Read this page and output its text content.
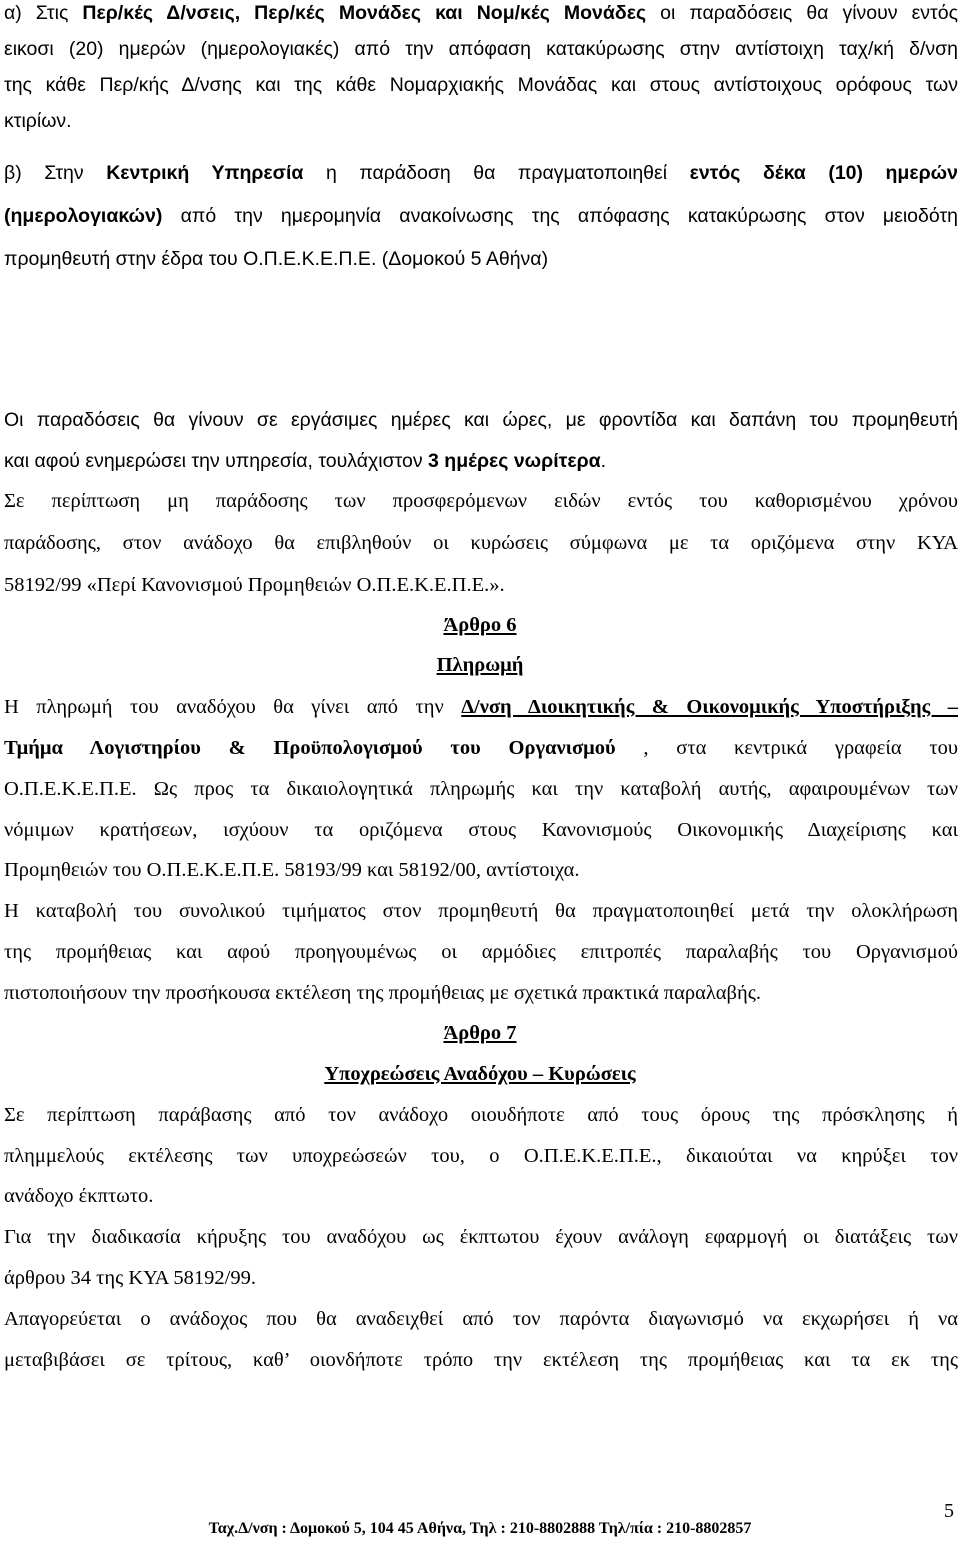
α) Στις Περ/κές Δ/νσεις, Περ/κές Μονάδες και Νομ/κές Μονάδες οι παραδόσεις θα γίνουν εντός
εικοσι (20) ημερών (ημερολογιακές) από την απόφαση κατακύρωσης στην αντίστοιχη ταχ/κή δ/νση
της κάθε Περ/κής Δ/νσης και της κάθε Νομαρχιακής Μονάδας και στους αντίστοιχους ορόφους των
κτιρίων.
β) Στην Κεντρική Υπηρεσία η παράδοση θα πραγματοποιηθεί εντός δέκα (10) ημερών
(ημερολογιακών) από την ημερομηνία ανακοίνωσης της απόφασης κατακύρωσης στον μειοδότη
προμηθευτή στην έδρα του Ο.Π.Ε.Κ.Ε.Π.Ε. (Δομοκού 5 Αθήνα)
Οι παραδόσεις θα γίνουν σε εργάσιμες ημέρες και ώρες, με φροντίδα και δαπάνη του προμηθευτή
και αφού ενημερώσει την υπηρεσία, τουλάχιστον 3 ημέρες νωρίτερα.
Σε περίπτωση μη παράδοσης των προσφερόμενων ειδών εντός του καθορισμένου χρόνου
παράδοσης, στον ανάδοχο θα επιβληθούν οι κυρώσεις σύμφωνα με τα οριζόμενα στην ΚΥΑ
58192/99 «Περί Κανονισμού Προμηθειών Ο.Π.Ε.Κ.Ε.Π.Ε.».
Άρθρο 6
Πληρωμή
Η πληρωμή του αναδόχου θα γίνει από την Δ/νση Διοικητικής & Οικονομικής Υποστήριξης –
Τμήμα Λογιστηρίου & Προϋπολογισμού του Οργανισμού , στα κεντρικά γραφεία του
Ο.Π.Ε.Κ.Ε.Π.Ε. Ως προς τα δικαιολογητικά πληρωμής και την καταβολή αυτής, αφαιρουμένων των
νόμιμων κρατήσεων, ισχύουν τα οριζόμενα στους Κανονισμούς Οικονομικής Διαχείρισης και
Προμηθειών του Ο.Π.Ε.Κ.Ε.Π.Ε. 58193/99 και 58192/00, αντίστοιχα.
Η καταβολή του συνολικού τιμήματος στον προμηθευτή θα πραγματοποιηθεί μετά την ολοκλήρωση
της προμήθειας και αφού προηγουμένως οι αρμόδιες επιτροπές παραλαβής του Οργανισμού
πιστοποιήσουν την προσήκουσα εκτέλεση της προμήθειας με σχετικά πρακτικά παραλαβής.
Άρθρο 7
Υποχρεώσεις Αναδόχου – Κυρώσεις
Σε περίπτωση παράβασης από τον ανάδοχο οιουδήποτε από τους όρους της πρόσκλησης ή
πλημμελούς εκτέλεσης των υποχρεώσεών του, ο Ο.Π.Ε.Κ.Ε.Π.Ε., δικαιούται να κηρύξει τον
ανάδοχο έκπτωτο.
Για την διαδικασία κήρυξης του αναδόχου ως έκπτωτου έχουν ανάλογη εφαρμογή οι διατάξεις των
άρθρου 34 της ΚΥΑ 58192/99.
Απαγορεύεται ο ανάδοχος που θα αναδειχθεί από τον παρόντα διαγωνισμό να εκχωρήσει ή να
μεταβιβάσει σε τρίτους, καθ’ οιονδήποτε τρόπο την εκτέλεση της προμήθειας και τα εκ της
5
Ταχ.Δ/νση : Δομοκού 5, 104 45 Αθήνα, Τηλ : 210-8802888 Τηλ/πία : 210-8802857
